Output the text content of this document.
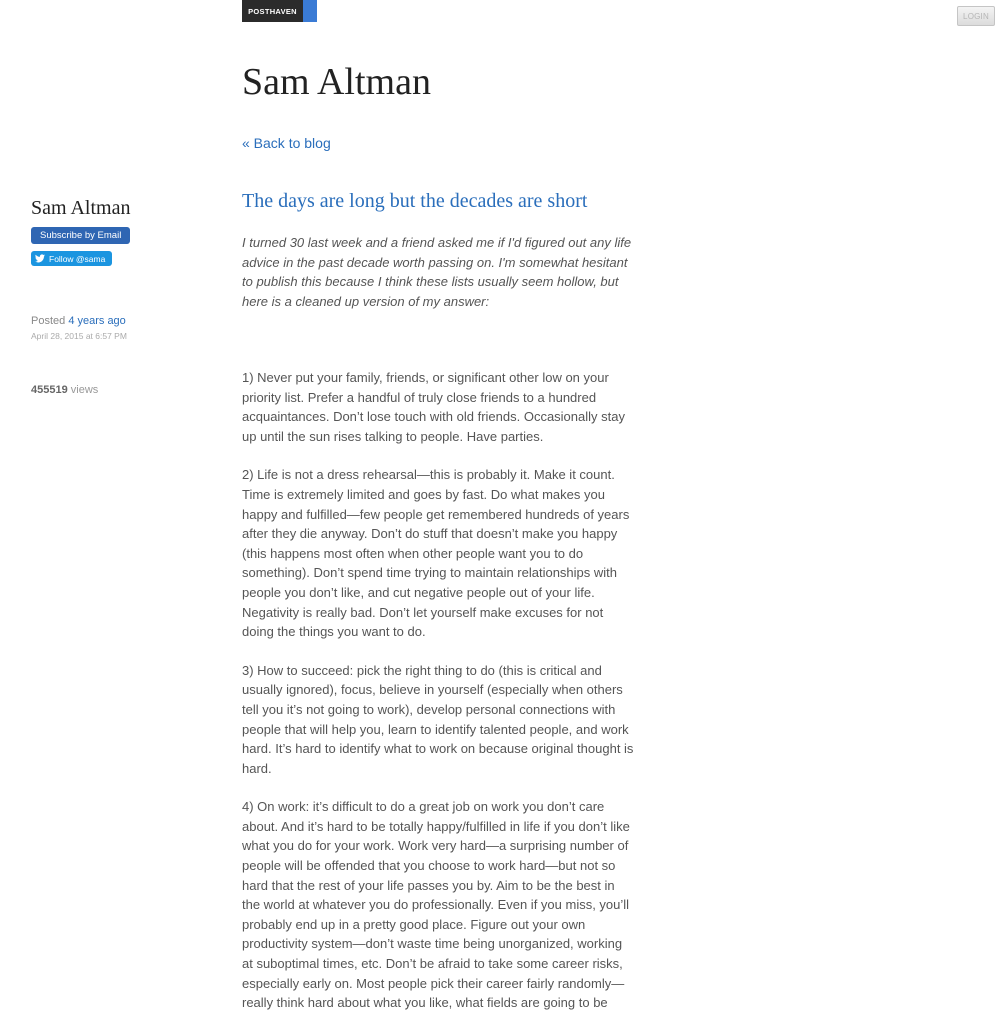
POSTHAVEN
LOGIN
Sam Altman
« Back to blog
Sam Altman
Subscribe by Email
Follow @sama
Posted 4 years ago
April 28, 2015 at 6:57 PM
455519 views
The days are long but the decades are short

I turned 30 last week and a friend asked me if I'd figured out any life advice in the past decade worth passing on. I'm somewhat hesitant to publish this because I think these lists usually seem hollow, but here is a cleaned up version of my answer:

1) Never put your family, friends, or significant other low on your priority list. Prefer a handful of truly close friends to a hundred acquaintances. Don’t lose touch with old friends. Occasionally stay up until the sun rises talking to people. Have parties.

2) Life is not a dress rehearsal—this is probably it. Make it count. Time is extremely limited and goes by fast. Do what makes you happy and fulfilled—few people get remembered hundreds of years after they die anyway. Don’t do stuff that doesn’t make you happy (this happens most often when other people want you to do something). Don’t spend time trying to maintain relationships with people you don’t like, and cut negative people out of your life. Negativity is really bad. Don’t let yourself make excuses for not doing the things you want to do.

3) How to succeed: pick the right thing to do (this is critical and usually ignored), focus, believe in yourself (especially when others tell you it’s not going to work), develop personal connections with people that will help you, learn to identify talented people, and work hard. It’s hard to identify what to work on because original thought is hard.

4) On work: it’s difficult to do a great job on work you don’t care about. And it’s hard to be totally happy/fulfilled in life if you don’t like what you do for your work. Work very hard—a surprising number of people will be offended that you choose to work hard—but not so hard that the rest of your life passes you by. Aim to be the best in the world at whatever you do professionally. Even if you miss, you’ll probably end up in a pretty good place. Figure out your own productivity system—don’t waste time being unorganized, working at suboptimal times, etc. Don’t be afraid to take some career risks, especially early on. Most people pick their career fairly randomly—really think hard about what you like, what fields are going to be
